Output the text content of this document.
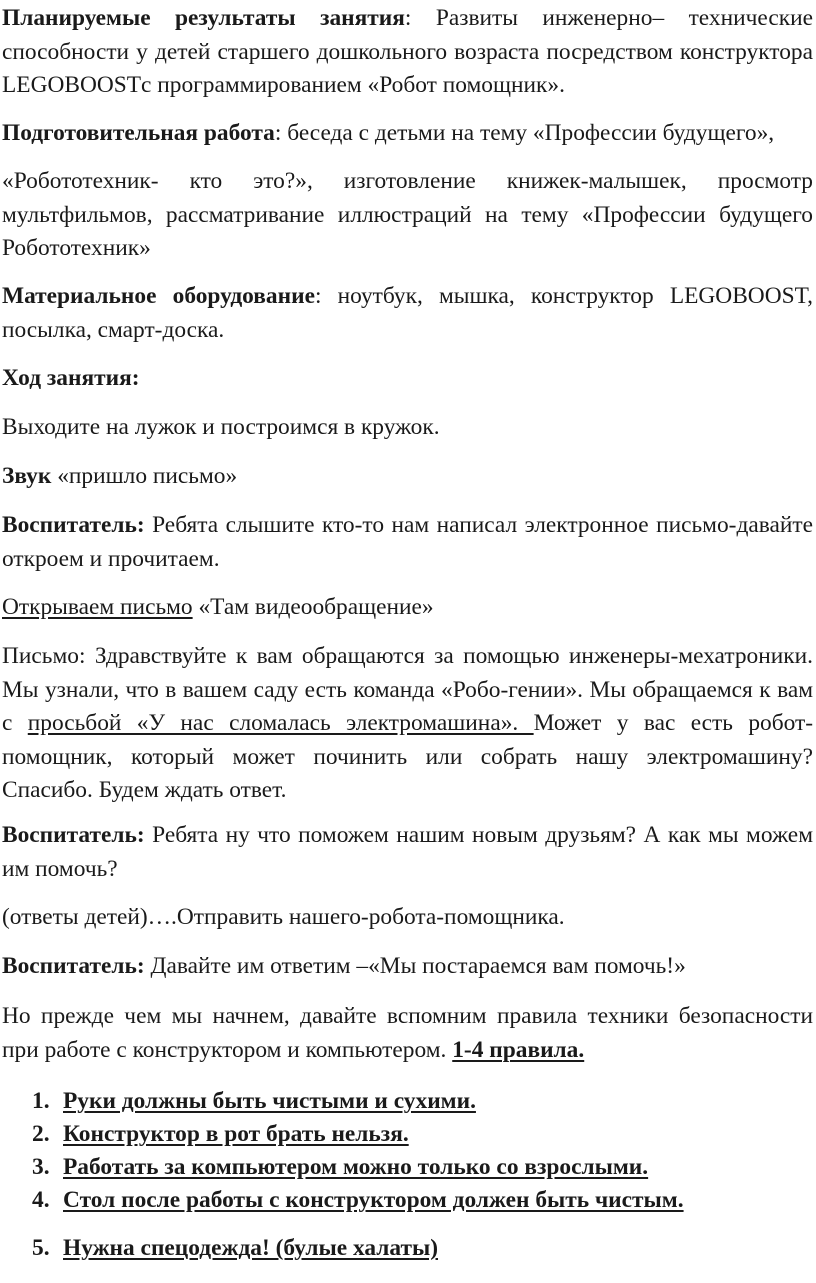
Планируемые результаты занятия: Развиты инженерно– технические способности у детей старшего дошкольного возраста посредством конструктора LEGOBOOSTс программированием «Робот помощник».

Подготовительная работа: беседа с детьми на тему «Профессии будущего»,

«Робототехник- кто это?», изготовление книжек-малышек, просмотр мультфильмов, рассматривание иллюстраций на тему «Профессии будущего Робототехник»

Материальное оборудование: ноутбук, мышка, конструктор LEGOBOOST, посылка, смарт-доска.

Ход занятия:

Выходите на лужок и построимся в кружок.

Звук «пришло письмо»

Воспитатель: Ребята слышите кто-то нам написал электронное письмо-давайте откроем и прочитаем.

Открываем письмо «Там видеообращение»

Письмо: Здравствуйте к вам обращаются за помощью инженеры-мехатроники. Мы узнали, что в вашем саду есть команда «Робо-гении». Мы обращаемся к вам с просьбой «У нас сломалась электромашина». Может у вас есть робот-помощник, который может починить или собрать нашу электромашину? Спасибо. Будем ждать ответ.

Воспитатель: Ребята ну что поможем нашим новым друзьям? А как мы можем им помочь?

(ответы детей)….Отправить нашего-робота-помощника.

Воспитатель: Давайте им ответим –«Мы постараемся вам помочь!»

Но прежде чем мы начнем, давайте вспомним правила техники безопасности при работе с конструктором и компьютером. 1-4 правила.

1. Руки должны быть чистыми и сухими.
2. Конструктор в рот брать нельзя.
3. Работать за компьютером можно только со взрослыми.
4. Стол после работы с конструктором должен быть чистым.
5. Нужна спецодежда! (булые халаты)
